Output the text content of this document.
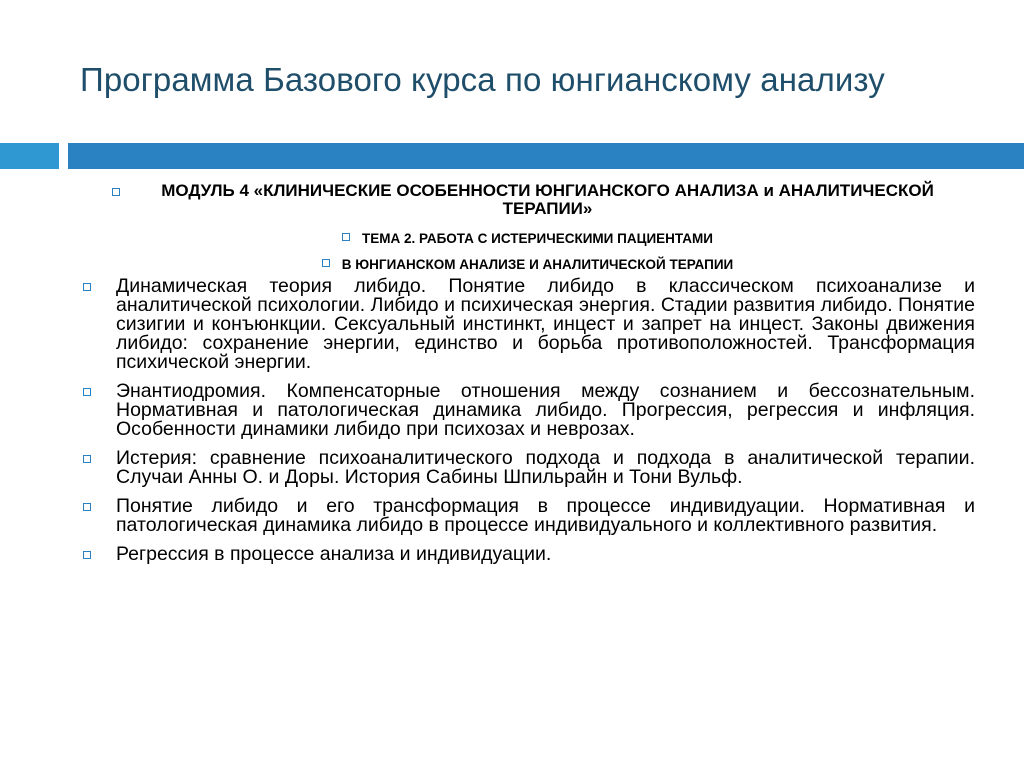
Программа Базового курса по юнгианскому анализу
МОДУЛЬ 4 «КЛИНИЧЕСКИЕ ОСОБЕННОСТИ ЮНГИАНСКОГО АНАЛИЗА и АНАЛИТИЧЕСКОЙ ТЕРАПИИ»
ТЕМА 2. РАБОТА С ИСТЕРИЧЕСКИМИ ПАЦИЕНТАМИ
В ЮНГИАНСКОМ АНАЛИЗЕ И АНАЛИТИЧЕСКОЙ ТЕРАПИИ
Динамическая теория либидо. Понятие либидо в классическом психоанализе и аналитической психологии. Либидо и психическая энергия. Стадии развития либидо. Понятие сизигии и конъюнкции. Сексуальный инстинкт, инцест и запрет на инцест. Законы движения либидо: сохранение энергии, единство и борьба противоположностей. Трансформация психической энергии.
Энантиодромия. Компенсаторные отношения между сознанием и бессознательным. Нормативная и патологическая динамика либидо. Прогрессия, регрессия и инфляция. Особенности динамики либидо при психозах и неврозах.
Истерия: сравнение психоаналитического подхода и подхода в аналитической терапии. Случаи Анны О. и Доры. История Сабины Шпильрайн и Тони Вульф.
Понятие либидо и его трансформация в процессе индивидуации. Нормативная и патологическая динамика либидо в процессе индивидуального и коллективного развития.
Регрессия в процессе анализа и индивидуации.
